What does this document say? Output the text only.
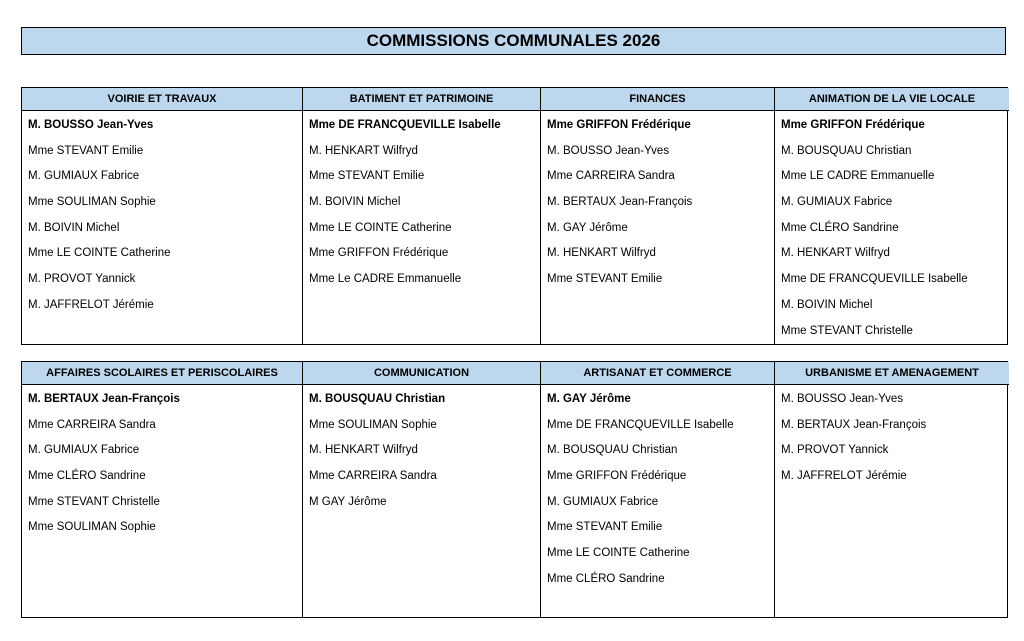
COMMISSIONS COMMUNALES 2026
VOIRIE ET TRAVAUX
M. BOUSSO Jean-Yves
Mme STEVANT Emilie
M. GUMIAUX Fabrice
Mme SOULIMAN Sophie
M. BOIVIN Michel
Mme LE COINTE Catherine
M. PROVOT Yannick
M. JAFFRELOT Jérémie
BATIMENT ET PATRIMOINE
Mme DE FRANCQUEVILLE Isabelle
M. HENKART Wilfryd
Mme STEVANT Emilie
M. BOIVIN Michel
Mme LE COINTE Catherine
Mme GRIFFON Frédérique
Mme Le CADRE Emmanuelle
FINANCES
Mme GRIFFON Frédérique
M. BOUSSO Jean-Yves
Mme CARREIRA Sandra
M. BERTAUX Jean-François
M. GAY Jérôme
M. HENKART Wilfryd
Mme STEVANT Emilie
ANIMATION DE LA VIE LOCALE
Mme GRIFFON Frédérique
M. BOUSQUAU Christian
Mme LE CADRE Emmanuelle
M. GUMIAUX Fabrice
Mme CLÉRO Sandrine
M. HENKART Wilfryd
Mme DE FRANCQUEVILLE Isabelle
M. BOIVIN Michel
Mme STEVANT Christelle
AFFAIRES SCOLAIRES ET PERISCOLAIRES
M. BERTAUX Jean-François
Mme CARREIRA Sandra
M. GUMIAUX Fabrice
Mme CLÉRO Sandrine
Mme STEVANT Christelle
Mme SOULIMAN Sophie
COMMUNICATION
M. BOUSQUAU Christian
Mme SOULIMAN Sophie
M. HENKART Wilfryd
Mme CARREIRA Sandra
M GAY Jérôme
ARTISANAT ET COMMERCE
M. GAY Jérôme
Mme DE FRANCQUEVILLE Isabelle
M. BOUSQUAU Christian
Mme GRIFFON Frédérique
M. GUMIAUX Fabrice
Mme STEVANT Emilie
Mme LE COINTE Catherine
Mme CLÉRO Sandrine
URBANISME ET AMENAGEMENT
M. BOUSSO Jean-Yves
M. BERTAUX Jean-François
M. PROVOT Yannick
M. JAFFRELOT Jérémie
